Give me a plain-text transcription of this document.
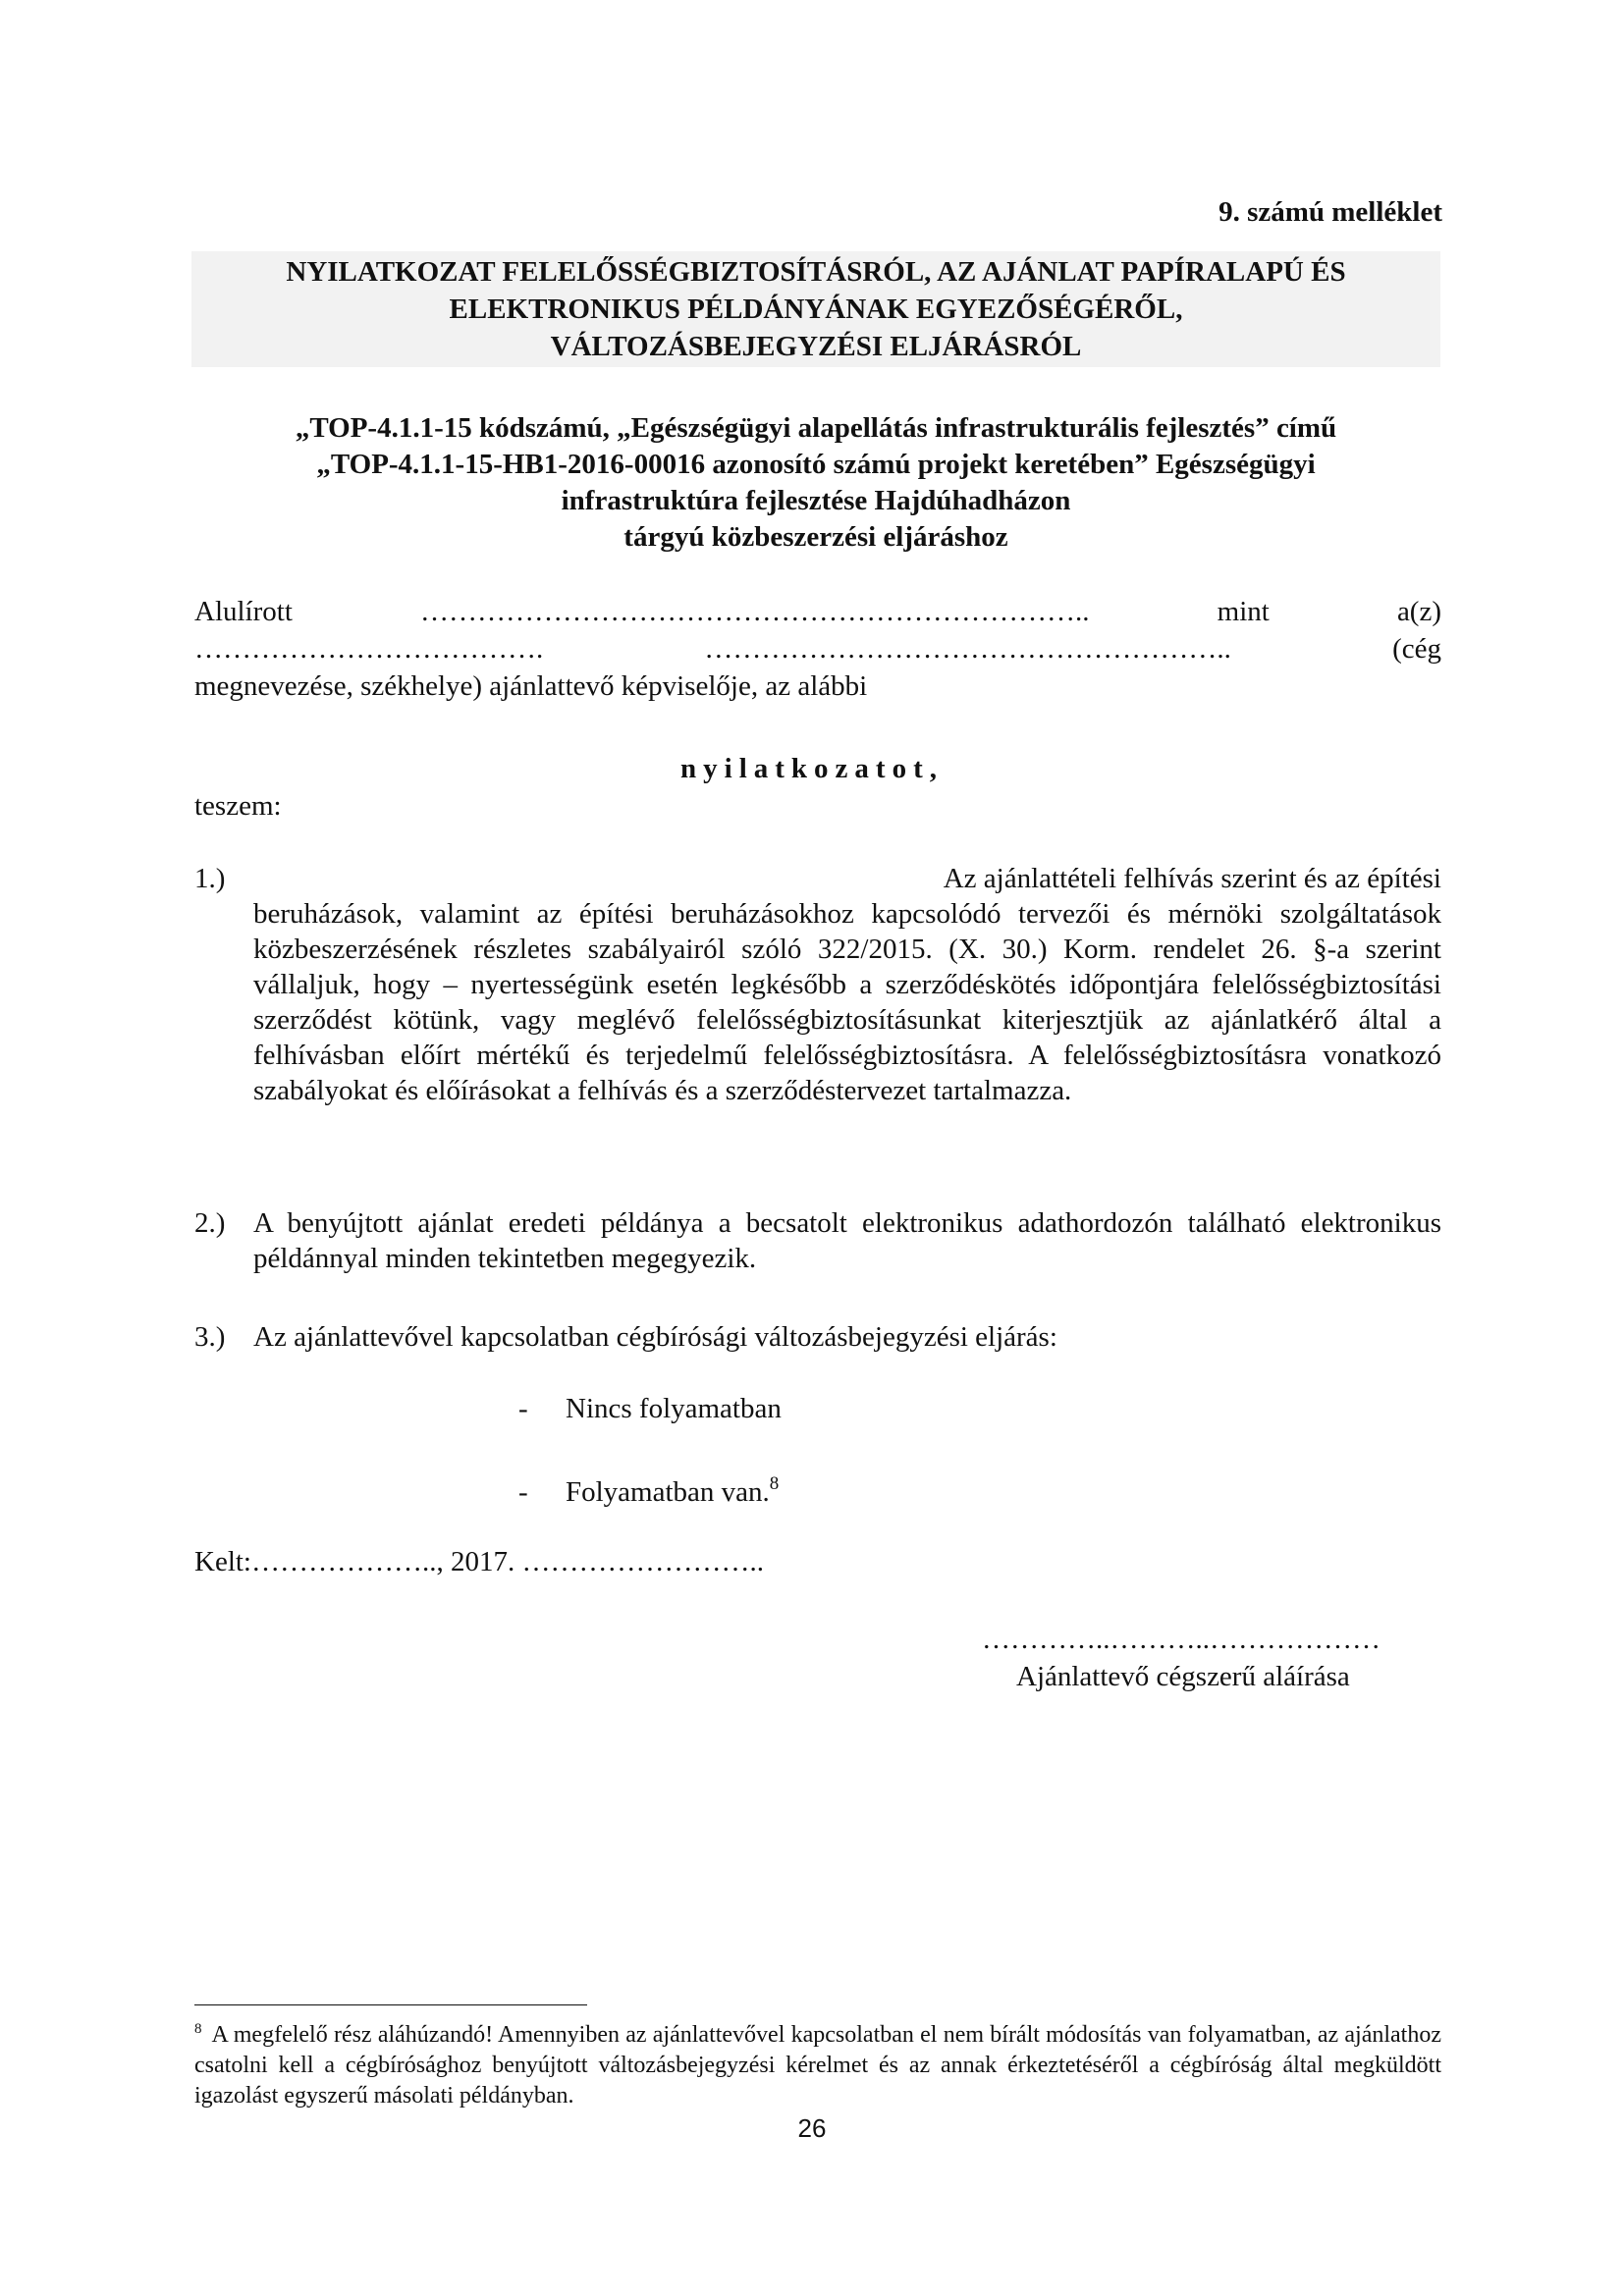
9. számú melléklet

NYILATKOZAT FELELŐSSÉGBIZTOSÍTÁSRÓL, AZ AJÁNLAT PAPÍRALAPÚ ÉS

ELEKTRONIKUS PÉLDÁNYÁNAK EGYEZŐSÉGÉRŐL,

VÁLTOZÁSBEJEGYZÉSI ELJÁRÁSRÓL

„TOP-4.1.1-15 kódszámú, „Egészségügyi alapellátás infrastrukturális fejlesztés” című

„TOP-4.1.1-15-HB1-2016-00016 azonosító számú projekt keretében” Egészségügyi

infrastruktúra fejlesztése Hajdúhadházon

tárgyú közbeszerzési eljáráshoz

Alulírott	……………………………………………………………..	mint	a(z)
……………………………….	………………………………………………..	(cég
megnevezése, székhelye) ajánlattevő képviselője, az alábbi
nyilatkozatot,
teszem:
1.)	Az ajánlattételi felhívás szerint és az építési

beruházások, valamint az építési beruházásokhoz kapcsolódó tervezői és mérnöki szolgáltatások közbeszerzésének részletes szabályairól szóló 322/2015. (X. 30.) Korm. rendelet 26. §-a szerint vállaljuk, hogy – nyertességünk esetén legkésőbb a szerződéskötés időpontjára felelősségbiztosítási szerződést kötünk, vagy meglévő felelősségbiztosításunkat kiterjesztjük az ajánlatkérő által a felhívásban előírt mértékű és terjedelmű felelősségbiztosításra. A felelősségbiztosításra vonatkozó szabályokat és előírásokat a felhívás és a szerződéstervezet tartalmazza.

2.) A benyújtott ajánlat eredeti példánya a becsatolt elektronikus adathordozón található elektronikus példánnyal minden tekintetben megegyezik.

3.) Az ajánlattevővel kapcsolatban cégbírósági változásbejegyzési eljárás:

- Nincs folyamatban
- Folyamatban van.$^8$
Kelt:……………….., 2017. ……………………..
…………..………..………………
Ajánlattevő cégszerű aláírása
$^8$ A megfelelő rész aláhúzandó! Amennyiben az ajánlattevővel kapcsolatban el nem bírált módosítás van folyamatban, az ajánlathoz csatolni kell a cégbírósághoz benyújtott változásbejegyzési kérelmet és az annak érkeztetéséről a cégbíróság által megküldött igazolást egyszerű másolati példányban.
26
